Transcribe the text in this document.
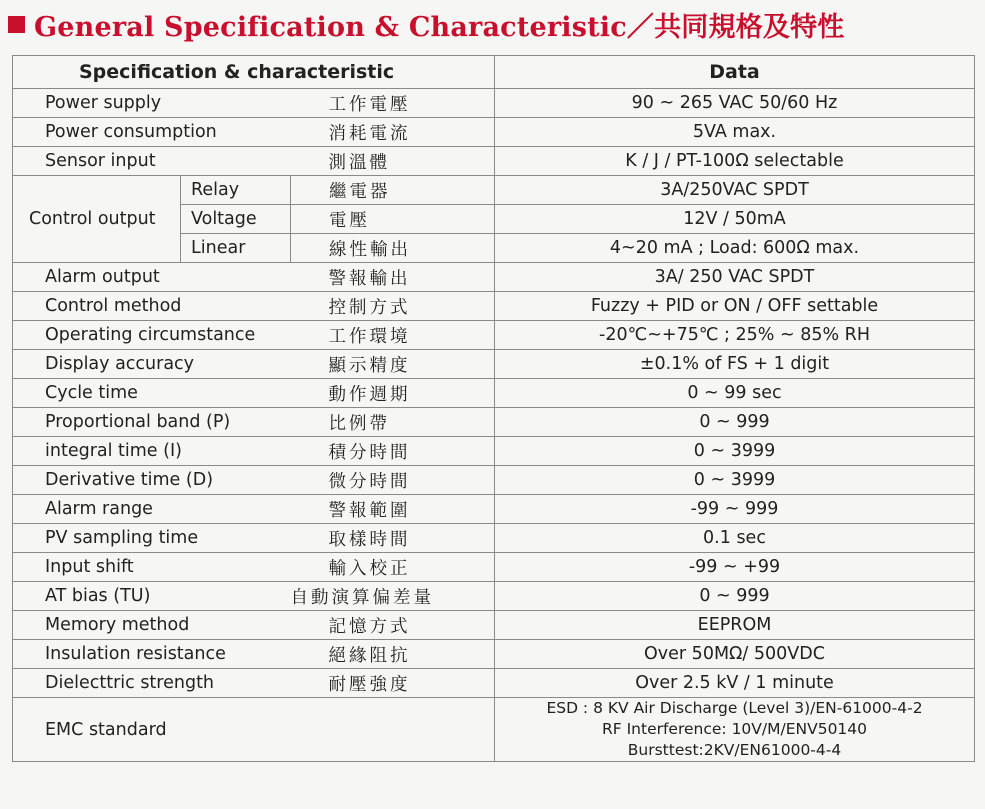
General Specification & Characteristic／共同規格及特性
Specification & characteristic			Data
Power supply		工作電壓	90 ~ 265 VAC 50/60 Hz
Power consumption		消耗電流	5VA max.
Sensor input		測溫體	K / J / PT-100Ω selectable
Control output	Relay	繼電器	3A/250VAC SPDT
	Voltage	電壓	12V / 50mA
	Linear	線性輸出	4~20 mA ; Load: 600Ω max.
Alarm output		警報輸出	3A/ 250 VAC SPDT
Control method		控制方式	Fuzzy + PID or ON / OFF settable
Operating circumstance		工作環境	-20℃~+75℃ ; 25% ~ 85% RH
Display accuracy		顯示精度	±0.1% of FS + 1 digit
Cycle time		動作週期	0 ~ 99 sec
Proportional band (P)		比例帶	0 ~ 999
integral time (I)		積分時間	0 ~ 3999
Derivative time (D)		微分時間	0 ~ 3999
Alarm range		警報範圍	-99 ~ 999
PV sampling time		取樣時間	0.1 sec
Input shift		輸入校正	-99 ~ +99
AT bias (TU)		自動演算偏差量	0 ~ 999
Memory method		記憶方式	EEPROM
Insulation resistance		絕緣阻抗	Over 50MΩ/ 500VDC
Dielecttric strength		耐壓強度	Over 2.5 kV / 1 minute
EMC standard			ESD : 8 KV Air Discharge (Level 3)/EN-61000-4-2
RF Interference: 10V/M/ENV50140
Bursttest:2KV/EN61000-4-4
